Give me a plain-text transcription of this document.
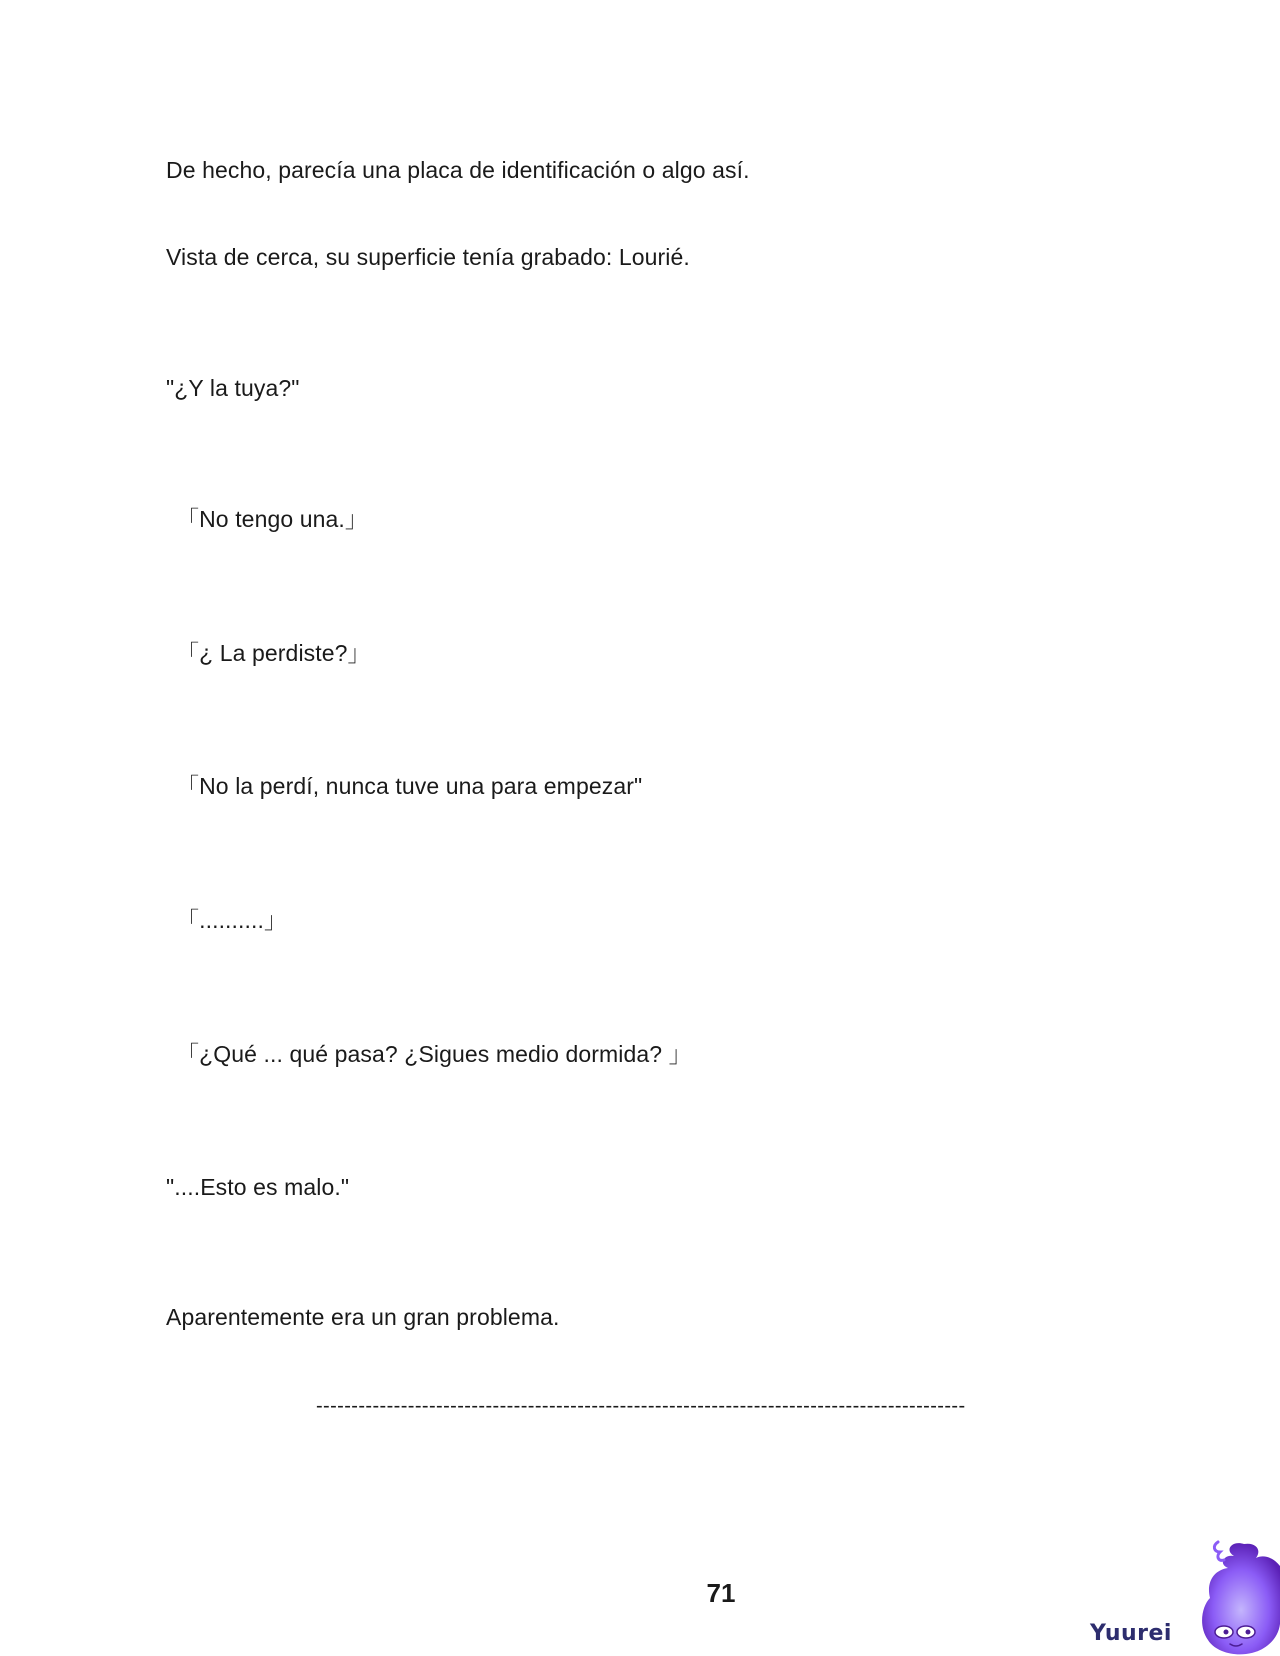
De hecho, parecía una placa de identificación o algo así.
Vista de cerca, su superficie tenía grabado: Lourié.
"¿Y la tuya?"
「No tengo una.」
「¿ La perdiste?」
「No la perdí, nunca tuve una para empezar"
「..........」
「¿Qué ... qué pasa? ¿Sigues medio dormida? 」
"....Esto es malo."
Aparentemente era un gran problema.
--------------------------------------------------------------------------------------------
71
Yuurei
